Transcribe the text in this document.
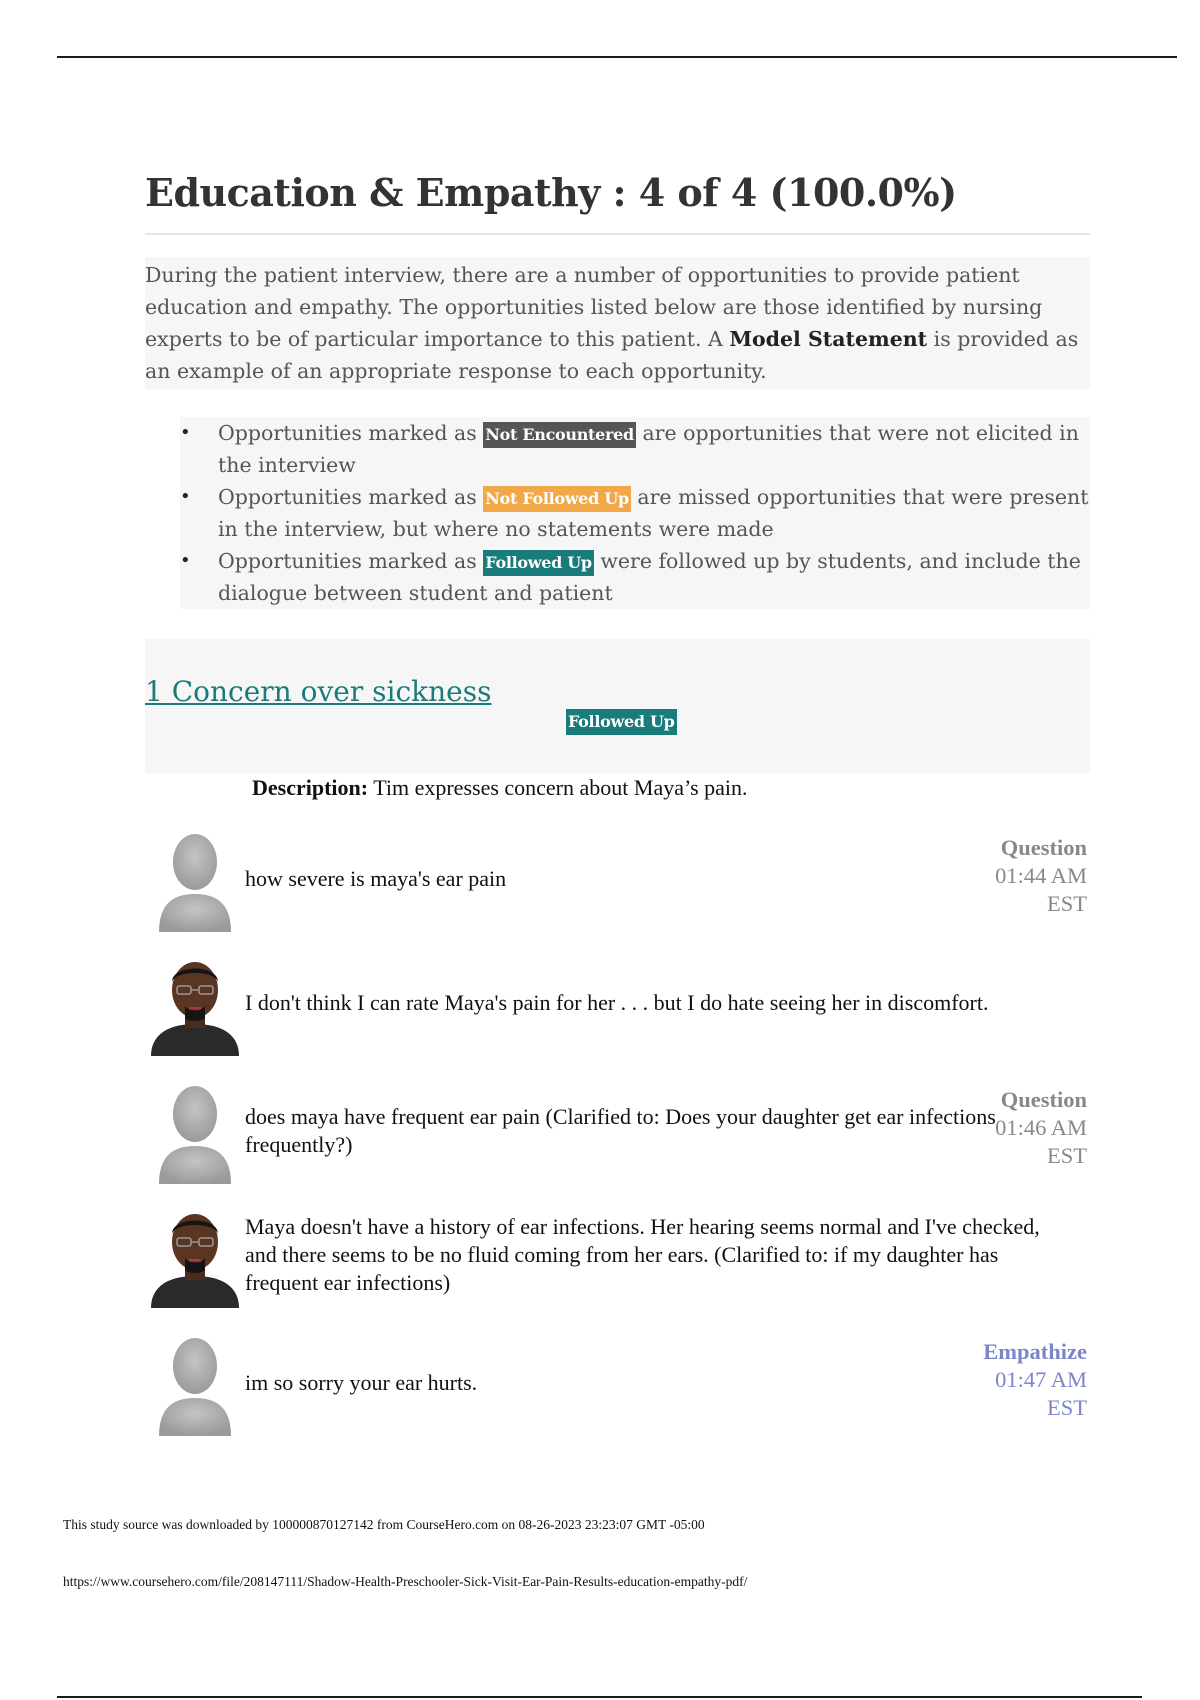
Education & Empathy : 4 of 4 (100.0%)
During the patient interview, there are a number of opportunities to provide patient education and empathy. The opportunities listed below are those identified by nursing experts to be of particular importance to this patient. A Model Statement is provided as an example of an appropriate response to each opportunity.
• Opportunities marked as Not Encountered are opportunities that were not elicited in the interview
• Opportunities marked as Not Followed Up are missed opportunities that were present in the interview, but where no statements were made
• Opportunities marked as Followed Up were followed up by students, and include the dialogue between student and patient
1 Concern over sickness
Followed Up
Description: Tim expresses concern about Maya’s pain.
how severe is maya's ear pain
Question
01:44 AM
EST
I don't think I can rate Maya's pain for her . . . but I do hate seeing her in discomfort.
does maya have frequent ear pain (Clarified to: Does your daughter get ear infections frequently?)
Question
01:46 AM
EST
Maya doesn't have a history of ear infections. Her hearing seems normal and I've checked, and there seems to be no fluid coming from her ears. (Clarified to: if my daughter has frequent ear infections)
im so sorry your ear hurts.
Empathize
01:47 AM
EST
This study source was downloaded by 100000870127142 from CourseHero.com on 08-26-2023 23:23:07 GMT -05:00
https://www.coursehero.com/file/208147111/Shadow-Health-Preschooler-Sick-Visit-Ear-Pain-Results-education-empathy-pdf/
